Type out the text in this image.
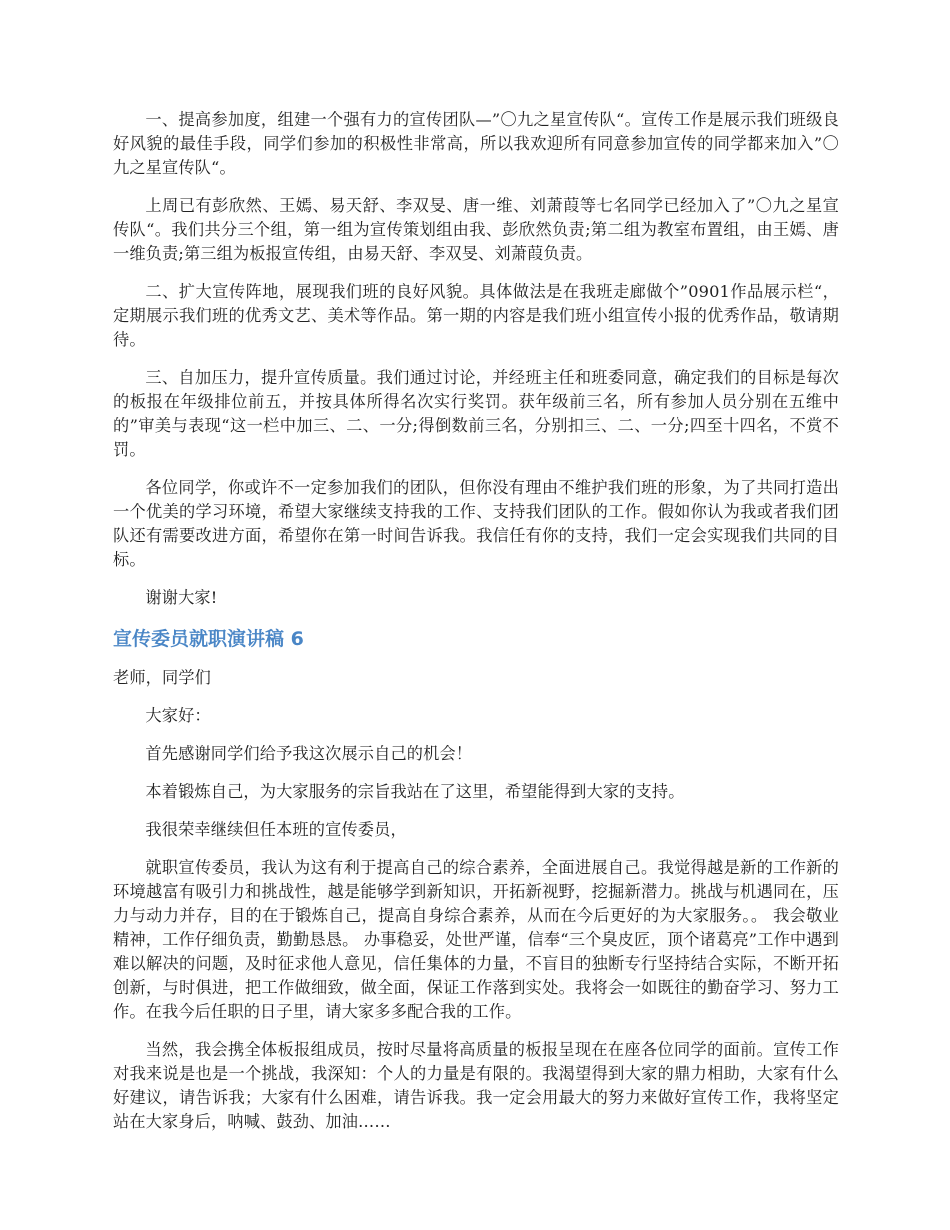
一、提高参加度，组建一个强有力的宣传团队—”〇九之星宣传队“。宣传工作是展示我们班级良好风貌的最佳手段，同学们参加的积极性非常高，所以我欢迎所有同意参加宣传的同学都来加入”〇九之星宣传队“。

上周已有彭欣然、王嫣、易天舒、李双旻、唐一维、刘萧葭等七名同学已经加入了”〇九之星宣传队“。我们共分三个组，第一组为宣传策划组由我、彭欣然负责;第二组为教室布置组，由王嫣、唐一维负责;第三组为板报宣传组，由易天舒、李双旻、刘萧葭负责。

二、扩大宣传阵地，展现我们班的良好风貌。具体做法是在我班走廊做个”0901作品展示栏“，定期展示我们班的优秀文艺、美术等作品。第一期的内容是我们班小组宣传小报的优秀作品，敬请期待。

三、自加压力，提升宣传质量。我们通过讨论，并经班主任和班委同意，确定我们的目标是每次的板报在年级排位前五，并按具体所得名次实行奖罚。获年级前三名，所有参加人员分别在五维中的”审美与表现“这一栏中加三、二、一分;得倒数前三名，分别扣三、二、一分;四至十四名，不赏不罚。

各位同学，你或许不一定参加我们的团队，但你没有理由不维护我们班的形象，为了共同打造出一个优美的学习环境，希望大家继续支持我的工作、支持我们团队的工作。假如你认为我或者我们团队还有需要改进方面，希望你在第一时间告诉我。我信任有你的支持，我们一定会实现我们共同的目标。

谢谢大家!

宣传委员就职演讲稿 6

老师，同学们

大家好：

首先感谢同学们给予我这次展示自己的机会！

本着锻炼自己，为大家服务的宗旨我站在了这里，希望能得到大家的支持。

我很荣幸继续但任本班的宣传委员，

就职宣传委员，我认为这有利于提高自己的综合素养，全面进展自己。我觉得越是新的工作新的环境越富有吸引力和挑战性，越是能够学到新知识，开拓新视野，挖掘新潜力。挑战与机遇同在，压力与动力并存，目的在于锻炼自己，提高自身综合素养，从而在今后更好的为大家服务。。 我会敬业精神，工作仔细负责，勤勤恳恳。 办事稳妥，处世严谨，信奉“三个臭皮匠，顶个诸葛亮”工作中遇到难以解决的问题，及时征求他人意见，信任集体的力量，不盲目的独断专行坚持结合实际，不断开拓创新，与时俱进，把工作做细致，做全面，保证工作落到实处。我将会一如既往的勤奋学习、努力工作。在我今后任职的日子里，请大家多多配合我的工作。

当然，我会携全体板报组成员，按时尽量将高质量的板报呈现在在座各位同学的面前。宣传工作对我来说是也是一个挑战，我深知：个人的力量是有限的。我渴望得到大家的鼎力相助，大家有什么好建议，请告诉我；大家有什么困难，请告诉我。我一定会用最大的努力来做好宣传工作，我将坚定站在大家身后，呐喊、鼓劲、加油……
